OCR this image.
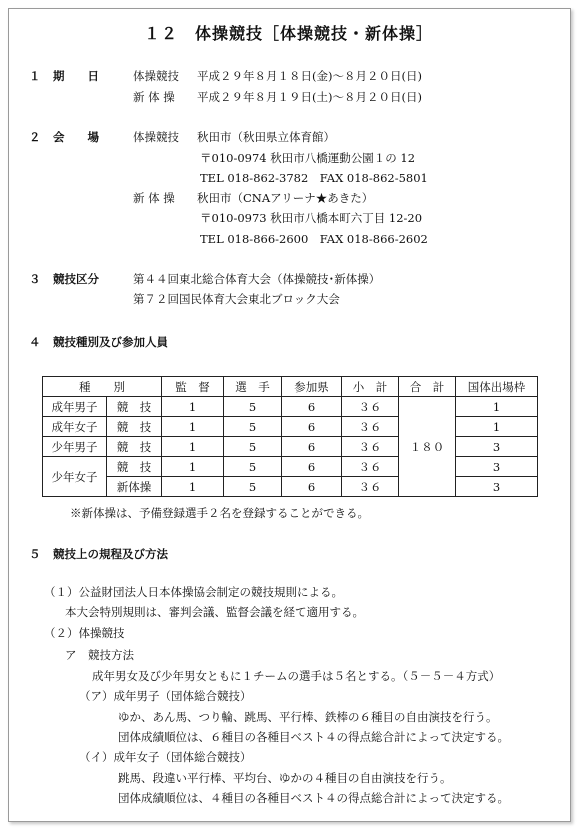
１２　体操競技［体操競技・新体操］
１ 期　　日	体操競技 平成２９年８月１８日(金)～８月２０日(日)
新 体 操 平成２９年８月１９日(土)～８月２０日(日)
２ 会　　場	体操競技 秋田市（秋田県立体育館）
〒010-0974 秋田市八橋運動公園１の 12
TEL 018-862-3782　FAX 018-862-5801
新 体 操 秋田市（CNAアリーナ★あきた）
〒010-0973 秋田市八橋本町六丁目 12-20
TEL 018-866-2600　FAX 018-866-2602
３ 競技区分	第４４回東北総合体育大会（体操競技･新体操）
第７２回国民体育大会東北ブロック大会
４ 競技種別及び参加人員
種　　別		監　督	選　手	参加県	小　計	合　計	国体出場枠
成年男子	競　技	1	5	6	３６	１８０	1
成年女子	競　技	1	5	6	３６		1
少年男子	競　技	1	5	6	３６		3
少年女子	競　技	1	5	6	３６		3
	新体操	1	5	6	３６		3
※新体操は、予備登録選手２名を登録することができる。
５ 競技上の規程及び方法
（１）公益財団法人日本体操協会制定の競技規則による。
本大会特別規則は、審判会議、監督会議を経て適用する。
（２）体操競技
ア　競技方法
成年男女及び少年男女ともに１チームの選手は５名とする。（５－５－４方式）
（ア）成年男子（団体総合競技）
ゆか、あん馬、つり輪、跳馬、平行棒、鉄棒の６種目の自由演技を行う。
団体成績順位は、６種目の各種目ベスト４の得点総合計によって決定する。
（イ）成年女子（団体総合競技）
跳馬、段違い平行棒、平均台、ゆかの４種目の自由演技を行う。
団体成績順位は、４種目の各種目ベスト４の得点総合計によって決定する。
